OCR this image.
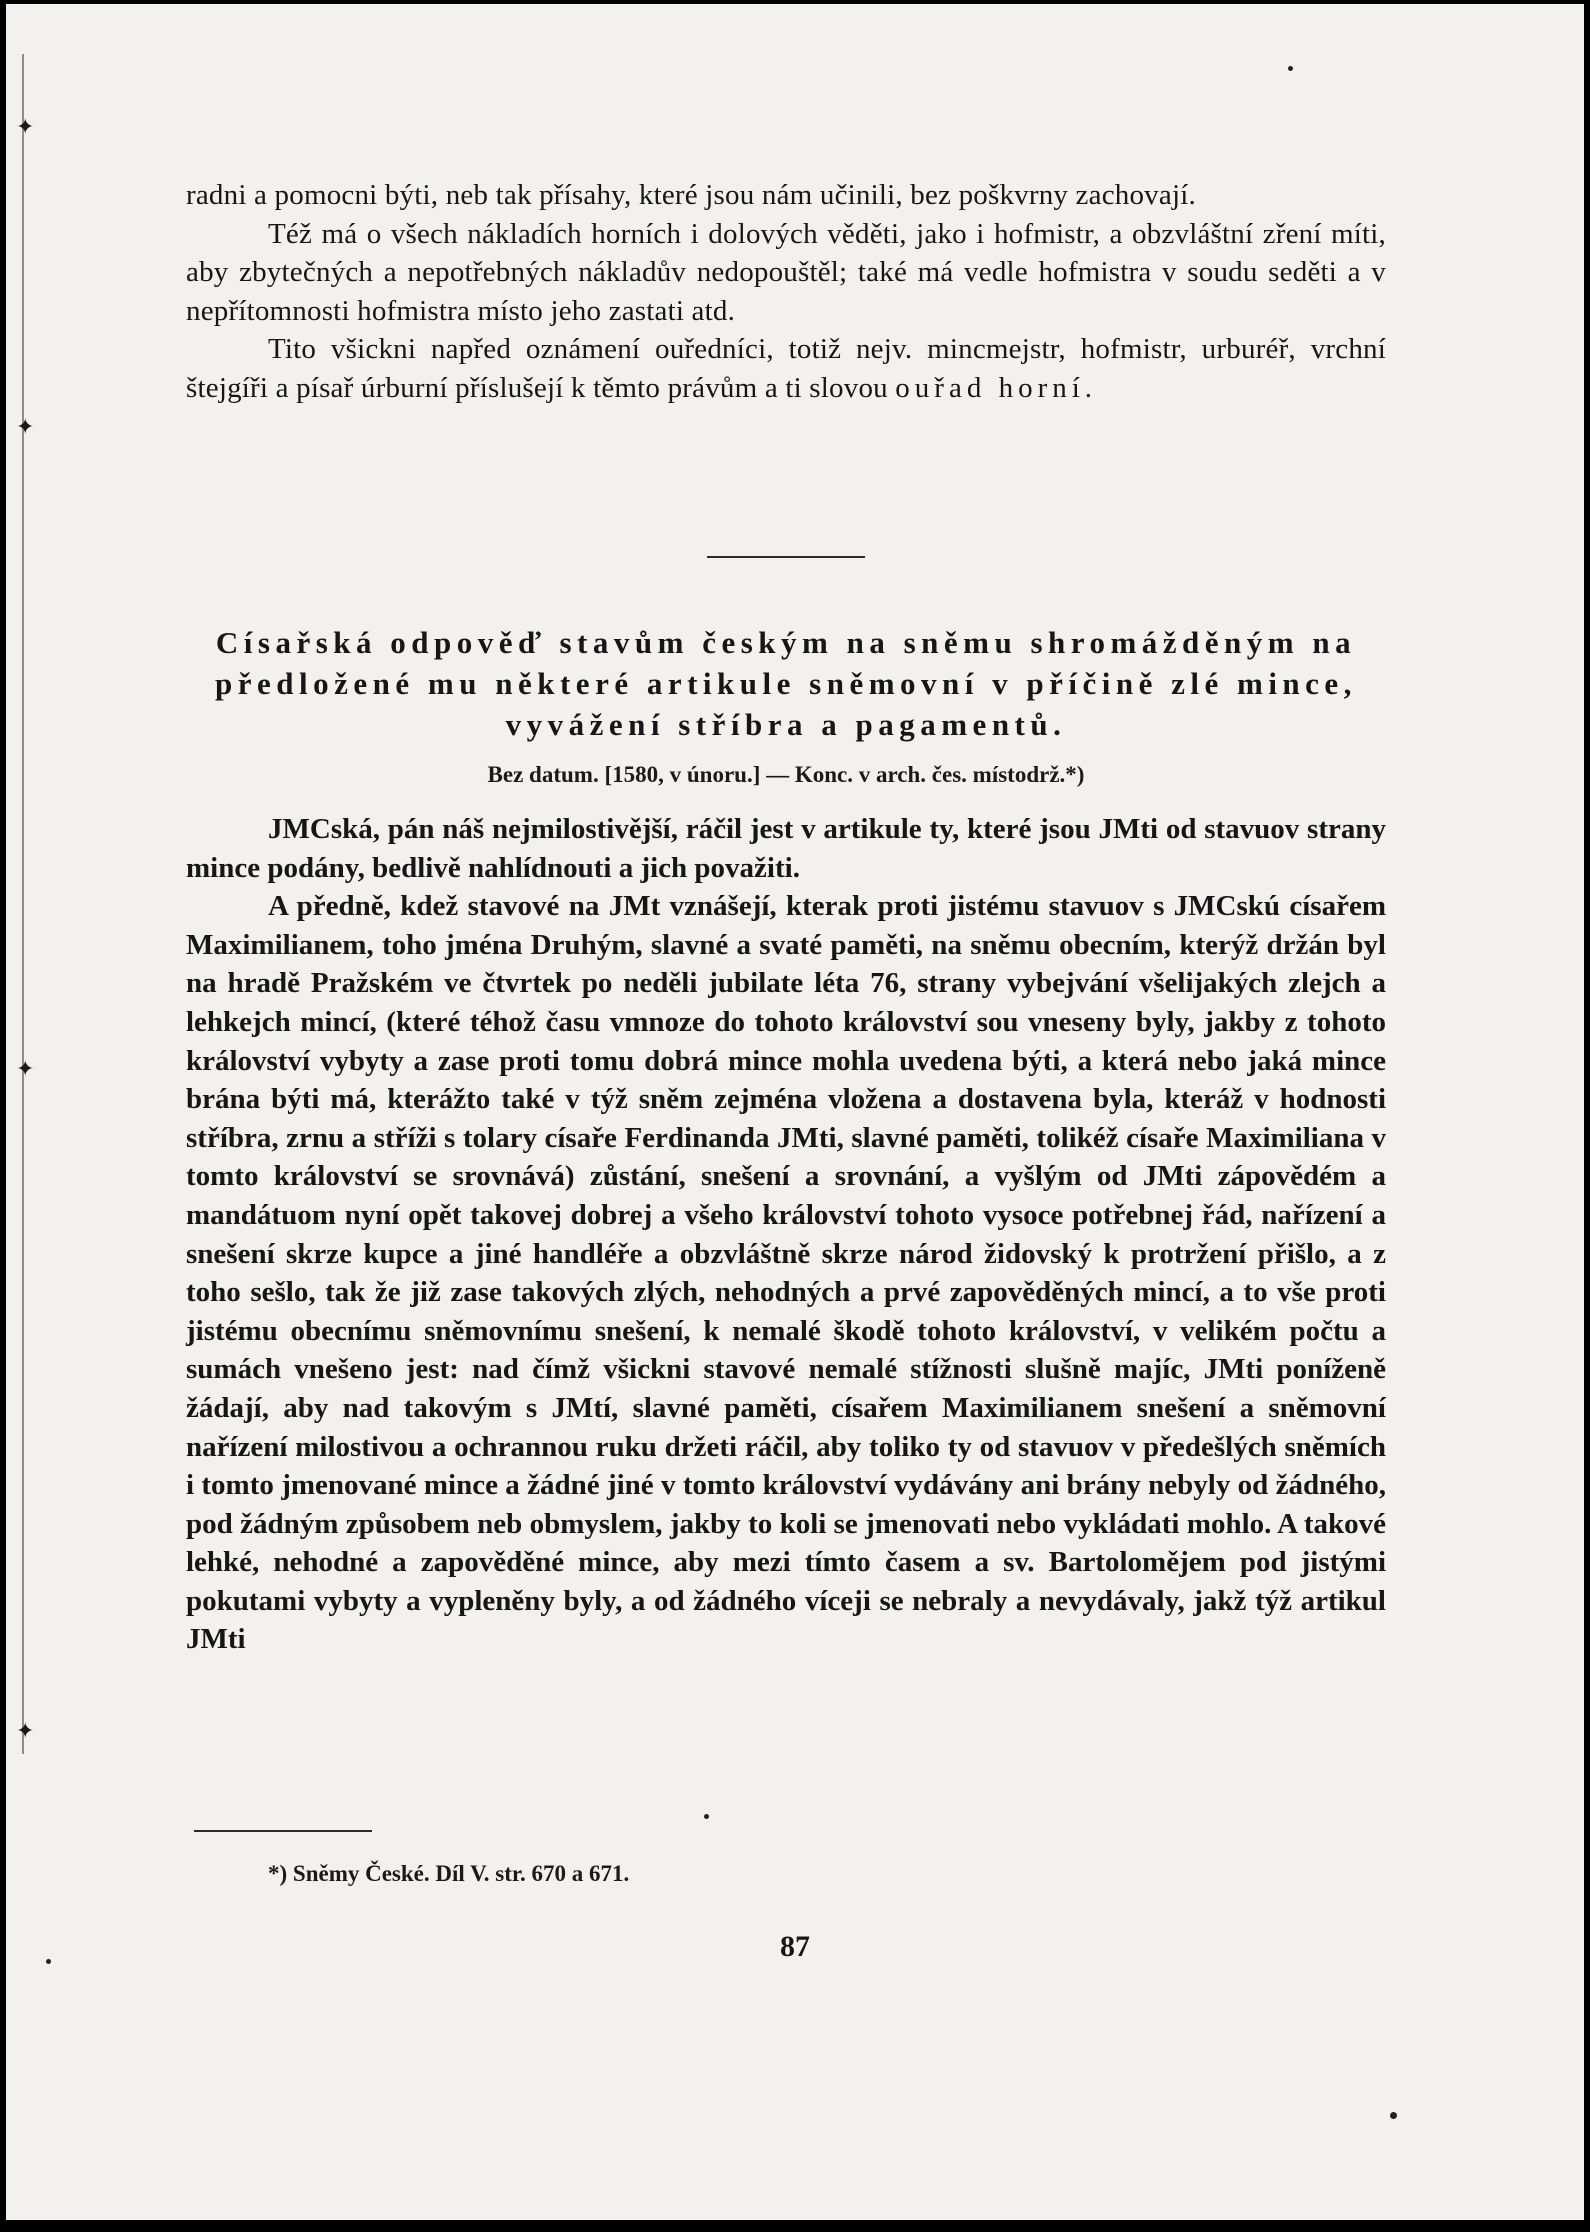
✦
✦
✦
✦

radni a pomocni býti, neb tak přísahy, které jsou nám učinili, bez poškvrny zachovají.

Též má o všech nákladích horních i dolových věděti, jako i hofmistr, a obzvláštní zření míti, aby zbytečných a nepotřebných nákladův nedopouštěl; také má vedle hofmistra v soudu seděti a v nepřítomnosti hofmistra místo jeho zastati atd.

Tito všickni napřed oznámení ouředníci, totiž nejv. mincmejstr, hofmistr, urburéř, vrchní štejgíři a písař úrburní příslušejí k těmto právům a ti slovou ouřad horní.

Císařská odpověď stavům českým na sněmu shromážděným na
předložené mu některé artikule sněmovní v příčině zlé mince,
vyvážení stříbra a pagamentů.
Bez datum. [1580, v únoru.] — Konc. v arch. čes. místodrž.*)

JMCská, pán náš nejmilostivější, ráčil jest v artikule ty, které jsou JMti od stavuov strany mince podány, bedlivě nahlídnouti a jich považiti.

A předně, kdež stavové na JMt vznášejí, kterak proti jistému stavuov s JMCskú císařem Maximilianem, toho jména Druhým, slavné a svaté paměti, na sněmu obecním, kterýž držán byl na hradě Pražském ve čtvrtek po neděli jubilate léta 76, strany vybejvání všelijakých zlejch a lehkejch mincí, (které téhož času vmnoze do tohoto království sou vneseny byly, jakby z tohoto království vybyty a zase proti tomu dobrá mince mohla uvedena býti, a která nebo jaká mince brána býti má, kterážto také v týž sněm zejména vložena a dostavena byla, kteráž v hodnosti stříbra, zrnu a stříži s tolary císaře Ferdinanda JMti, slavné paměti, tolikéž císaře Maximiliana v tomto království se srovnává) zůstání, snešení a srovnání, a vyšlým od JMti zápovědém a mandátuom nyní opět takovej dobrej a všeho království tohoto vysoce potřebnej řád, nařízení a snešení skrze kupce a jiné handléře a obzvláštně skrze národ židovský k protržení přišlo, a z toho sešlo, tak že již zase takových zlých, nehodných a prvé zapověděných mincí, a to vše proti jistému obecnímu sněmovnímu snešení, k nemalé škodě tohoto království, v velikém počtu a sumách vnešeno jest: nad čímž všickni stavové nemalé stížnosti slušně majíc, JMti poníženě žádají, aby nad takovým s JMtí, slavné paměti, císařem Maximilianem snešení a sněmovní nařízení milostivou a ochrannou ruku držeti ráčil, aby toliko ty od stavuov v předešlých sněmích i tomto jmenované mince a žádné jiné v tomto království vydávány ani brány nebyly od žádného, pod žádným způsobem neb obmyslem, jakby to koli se jmenovati nebo vykládati mohlo. A takové lehké, nehodné a zapověděné mince, aby mezi tímto časem a sv. Bartolomějem pod jistými pokutami vybyty a vypleněny byly, a od žádného víceji se nebraly a nevydávaly, jakž týž artikul JMti

*) Sněmy České. Díl V. str. 670 a 671.
87
